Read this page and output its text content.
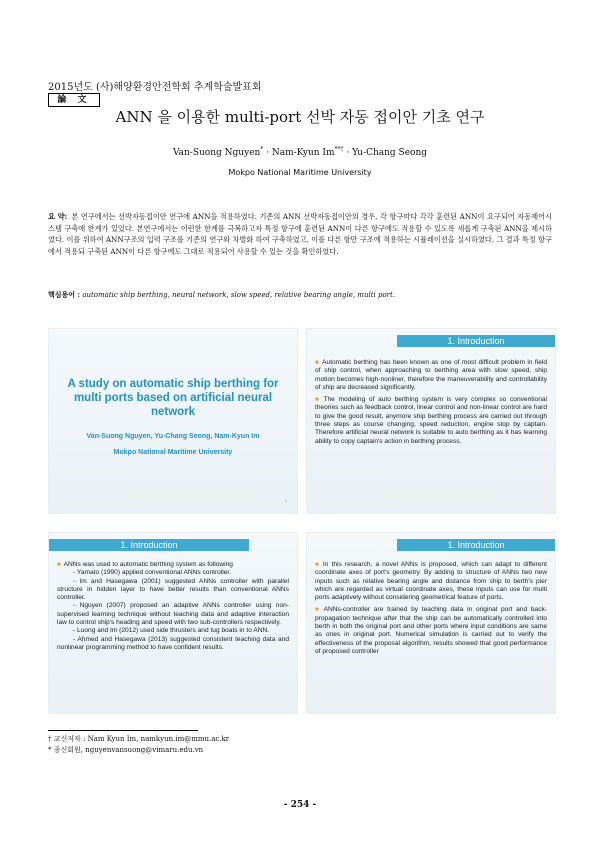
2015년도 (사)해양환경안전학회 추계학술발표회
論 文
ANN 을 이용한 multi-port 선박 자동 접이안 기초 연구
Van-Suong Nguyen* · Nam-Kyun Im**† · Yu-Chang Seong
Mokpo National Maritime University
요 약: 본 연구에서는 선박자동접이안 연구에 ANN을 적용하였다. 기존의 ANN 선박자동접이안의 경우, 각 항구마다 각각 훈련된 ANN이 요구되어 자동제어시스템 구축에 한계가 있었다. 본연구에서는 이런한 한계를 극복하고자 특정 항구에 훈련된 ANN이 다른 항구에도 적용할 수 있도록 새롭게 구축된 ANN을 제시하였다. 이를 위하여 ANN구조의 입력 구조를 기존의 연구와 차별화 하여 구축하였고, 이를 다른 항만 구조에 적용하는 시뮬레이션을 실시하였다. 그 결과 특정 항구에서 적용되 구축된 ANN이 다른 항구에도 그대로 적용되어 사용할 수 있는 것을 확인하였다.
핵심용어 : automatic ship berthing, neural network, slow speed, relative bearing angle, multi port.
A study on automatic ship berthing for multi ports based on artificial neural network
Van-Suong Nguyen, Yu-Chang Seong, Nam-Kyun Im
Mokpo National Maritime University
1
1. Introduction

■ Automatic berthing has been known as one of most difficult problem in field of ship control, when approaching to berthing area with slow speed, ship motion becomes high-nonliner, therefore the maneuverability and controllability of ship are decreased significantly.

■ The modeling of auto berthing system is very complex so conventional theories such as feedback control, linear control and non-linear control are hard to give the good result, anymore ship berthing process are carried out through three steps as course changing, speed reduction, engine stop by captain. Therefore artificial neural network is suitable to auto berthing as it has learning ability to copy captain's action in berthing process.

1. Introduction

■ ANNs was used to automatic berthing system as following

- Yamato (1990) applied conventional ANNs controller.

- Im and Hasegawa (2001) suggested ANNs controller with parallel structure in hidden layer to have better results than conventional ANNs controller.

- Nguyen (2007) proposed an adaptive ANNs controller using non-supervised learning technique without teaching data and adaptive interaction law to control ship's heading and speed with two sub-controllers respectively.

- Luong and Im (2012) used side thrusters and tug boats in to ANN.

- Ahmed and Hasegawa (2013) suggested consistent teaching data and nonlinear programming method to have confident results.

1. Introduction

■ In this research, a novel ANNs is proposed, which can adapt to different coordinate axes of port's geometry. By adding to structure of ANNs two new inputs such as relative bearing angle and distance from ship to berth's pier which are regarded as virtual coordinate axes, these inputs can use for multi ports adaptively without considering geometrical feature of ports.

■ ANNs-controller are trained by teaching data in original port and back-propagation technique after that the ship can be automatically controlled into berth in both the original port and other ports where input conditions are same as ones in original port. Numerical simulation is carried out to verify the effectiveness of the proposal algorithm, results showed that good performance of proposed controller

† 교신저자 : Nam Kyun Im, namkyun.im@mmu.ac.kr
* 종신회원, nguyenvansuong@vimaru.edu.vn
- 254 -
